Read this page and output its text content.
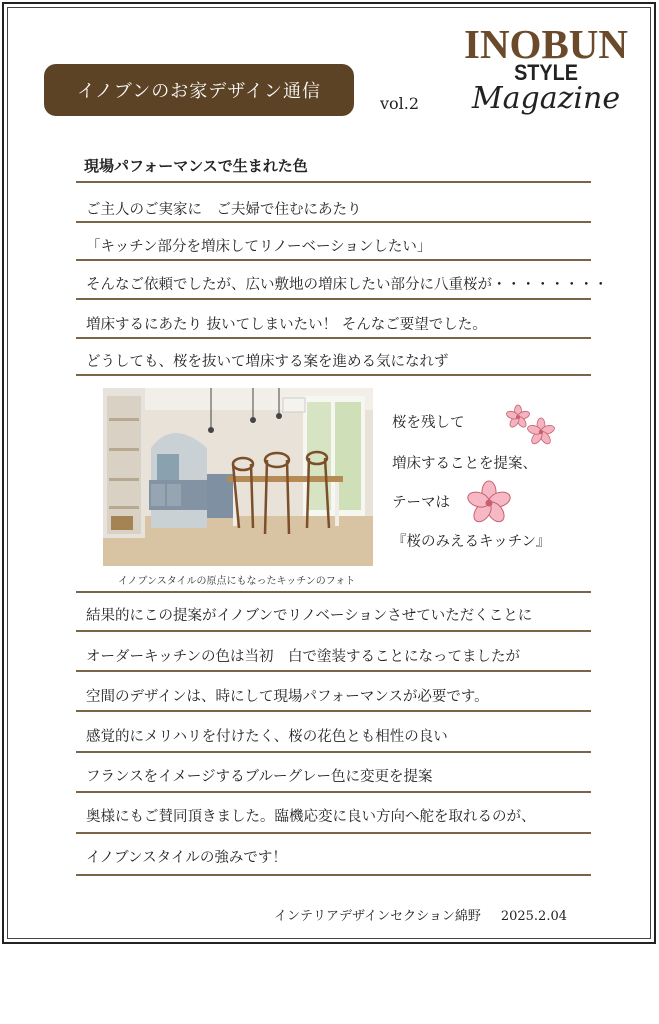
イノブンのお家デザイン通信
vol.2
INOBUN
STYLE
Magazine
現場パフォーマンスで生まれた色
ご主人のご実家に　ご夫婦で住むにあたり
「キッチン部分を増床してリノーベーションしたい」
そんなご依頼でしたが、広い敷地の増床したい部分に八重桜が・・・・・・・・
増床するにあたり 抜いてしまいたい！ そんなご要望でした。
どうしても、桜を抜いて増床する案を進める気になれず
イノブンスタイルの原点にもなったキッチンのフォト
桜を残して
増床することを提案、
テーマは
『桜のみえるキッチン』
結果的にこの提案がイノブンでリノベーションさせていただくことに
オーダーキッチンの色は当初　白で塗装することになってましたが
空間のデザインは、時にして現場パフォーマンスが必要です。
感覚的にメリハリを付けたく、桜の花色とも相性の良い
フランスをイメージするブルーグレー色に変更を提案
奥様にもご賛同頂きました。臨機応変に良い方向へ舵を取れるのが、
イノブンスタイルの強みです！
インテリアデザインセクション綿野 2025.2.04
